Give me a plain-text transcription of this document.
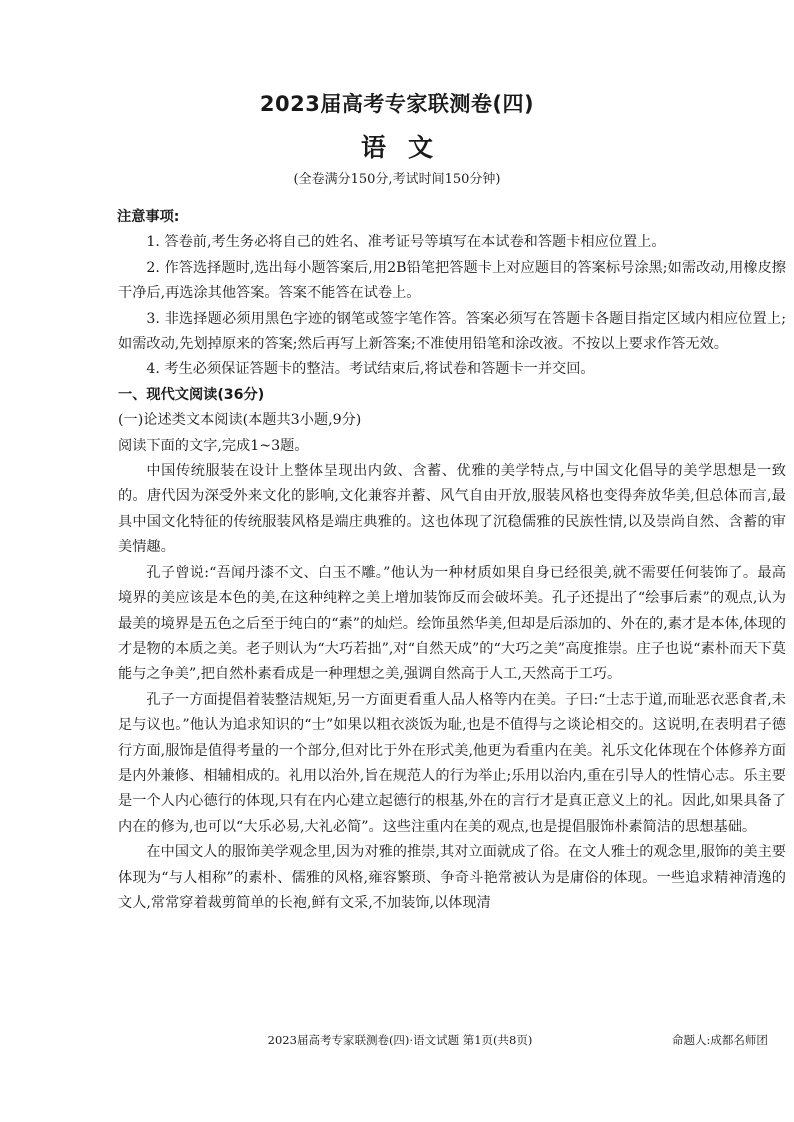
2023届高考专家联测卷(四)
语文
(全卷满分150分,考试时间150分钟)

注意事项:

1. 答卷前,考生务必将自己的姓名、准考证号等填写在本试卷和答题卡相应位置上。

2. 作答选择题时,选出每小题答案后,用2B铅笔把答题卡上对应题目的答案标号涂黑;如需改动,用橡皮擦干净后,再选涂其他答案。答案不能答在试卷上。

3. 非选择题必须用黑色字迹的钢笔或签字笔作答。答案必须写在答题卡各题目指定区域内相应位置上;如需改动,先划掉原来的答案;然后再写上新答案;不准使用铅笔和涂改液。不按以上要求作答无效。

4. 考生必须保证答题卡的整洁。考试结束后,将试卷和答题卡一并交回。

一、现代文阅读(36分)

(一)论述类文本阅读(本题共3小题,9分)

阅读下面的文字,完成1~3题。

中国传统服装在设计上整体呈现出内敛、含蓄、优雅的美学特点,与中国文化倡导的美学思想是一致的。唐代因为深受外来文化的影响,文化兼容并蓄、风气自由开放,服装风格也变得奔放华美,但总体而言,最具中国文化特征的传统服装风格是端庄典雅的。这也体现了沉稳儒雅的民族性情,以及崇尚自然、含蓄的审美情趣。

孔子曾说:“吾闻丹漆不文、白玉不雕。”他认为一种材质如果自身已经很美,就不需要任何装饰了。最高境界的美应该是本色的美,在这种纯粹之美上增加装饰反而会破坏美。孔子还提出了“绘事后素”的观点,认为最美的境界是五色之后至于纯白的“素”的灿烂。绘饰虽然华美,但却是后添加的、外在的,素才是本体,体现的才是物的本质之美。老子则认为“大巧若拙”,对“自然天成”的“大巧之美”高度推崇。庄子也说“素朴而天下莫能与之争美”,把自然朴素看成是一种理想之美,强调自然高于人工,天然高于工巧。

孔子一方面提倡着装整洁规矩,另一方面更看重人品人格等内在美。子曰:“士志于道,而耻恶衣恶食者,未足与议也。”他认为追求知识的“士”如果以粗衣淡饭为耻,也是不值得与之谈论相交的。这说明,在表明君子德行方面,服饰是值得考量的一个部分,但对比于外在形式美,他更为看重内在美。礼乐文化体现在个体修养方面是内外兼修、相辅相成的。礼用以治外,旨在规范人的行为举止;乐用以治内,重在引导人的性情心志。乐主要是一个人内心德行的体现,只有在内心建立起德行的根基,外在的言行才是真正意义上的礼。因此,如果具备了内在的修为,也可以“大乐必易,大礼必简”。这些注重内在美的观点,也是提倡服饰朴素简洁的思想基础。

在中国文人的服饰美学观念里,因为对雅的推崇,其对立面就成了俗。在文人雅士的观念里,服饰的美主要体现为“与人相称”的素朴、儒雅的风格,雍容繁琐、争奇斗艳常被认为是庸俗的体现。一些追求精神清逸的文人,常常穿着裁剪简单的长袍,鲜有文采,不加装饰,以体现清

2023届高考专家联测卷(四)·语文试题 第1页(共8页)	命题人:成都名师团
